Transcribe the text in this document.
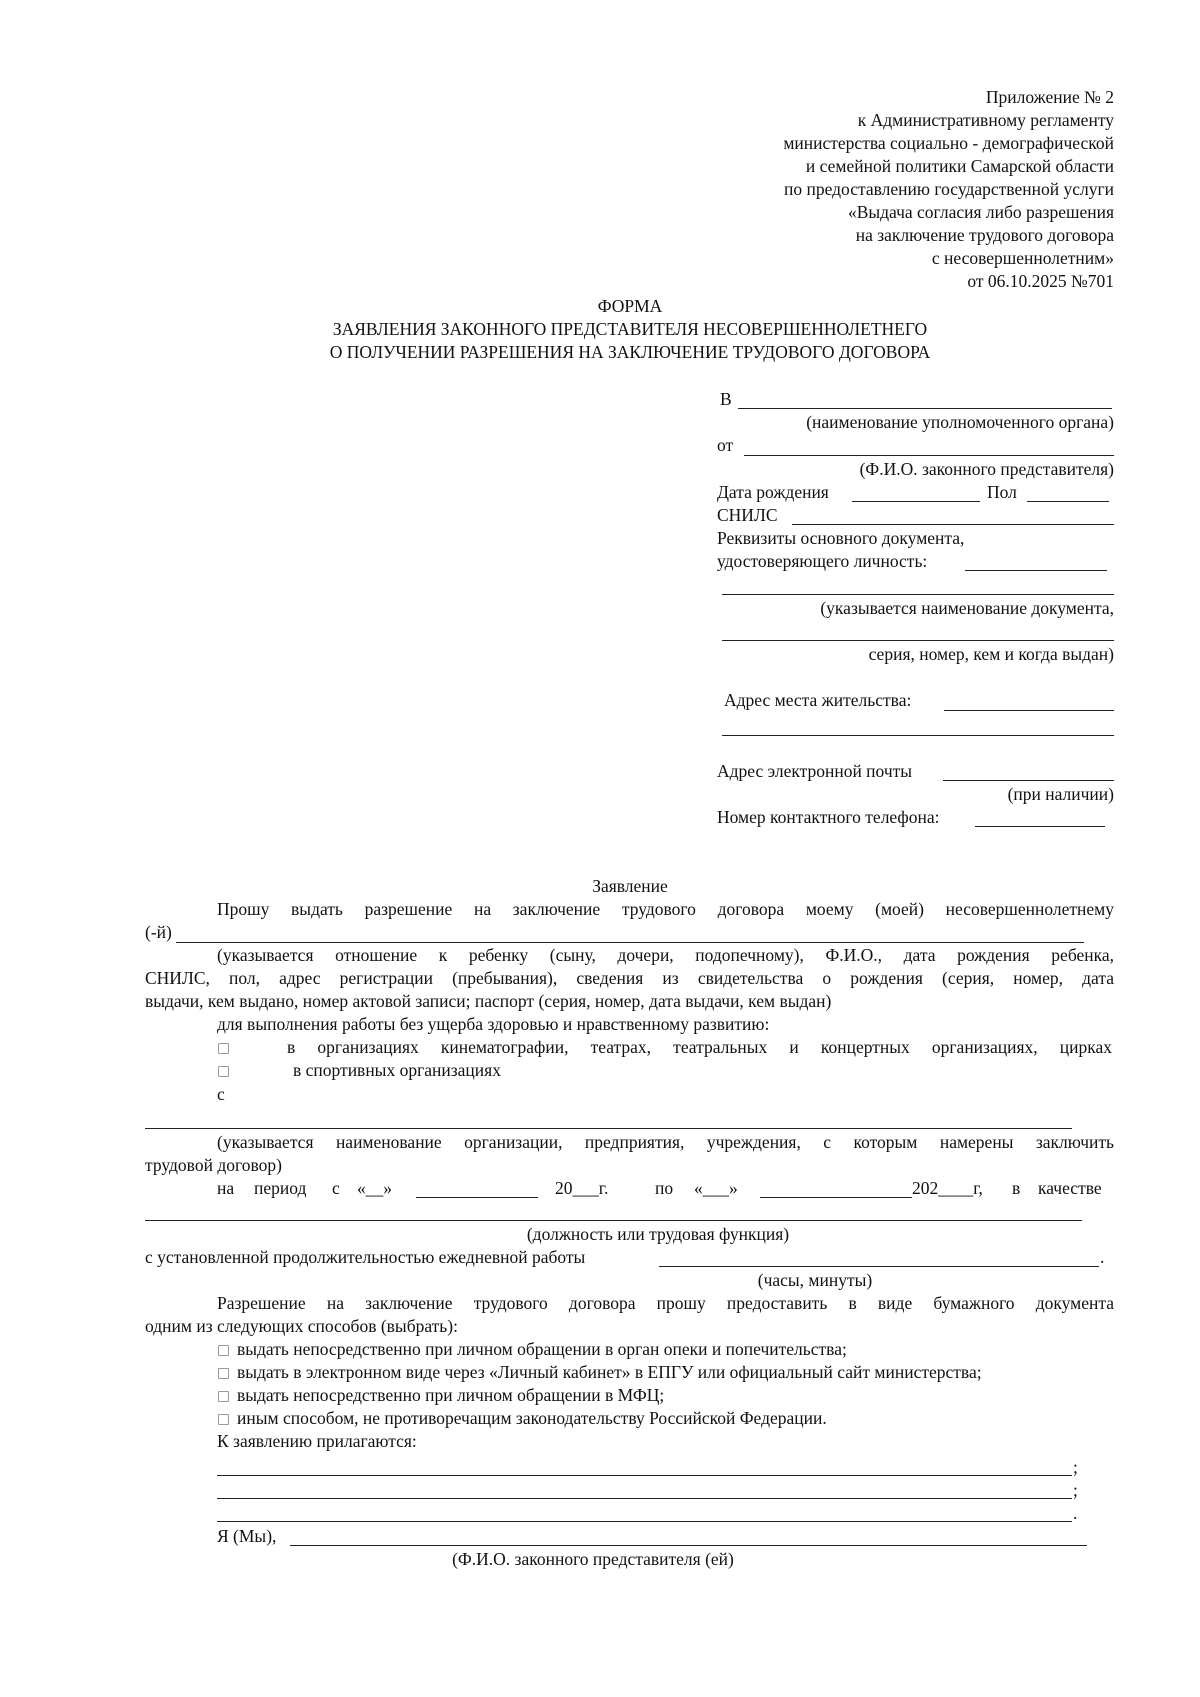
Приложение № 2
к Административному регламенту
министерства социально - демографической
и семейной политики Самарской области
по предоставлению государственной услуги
«Выдача согласия либо разрешения
на заключение трудового договора
с несовершеннолетним»
от 06.10.2025 №701
ФОРМА
ЗАЯВЛЕНИЯ ЗАКОННОГО ПРЕДСТАВИТЕЛЯ НЕСОВЕРШЕННОЛЕТНЕГО
О ПОЛУЧЕНИИ РАЗРЕШЕНИЯ НА ЗАКЛЮЧЕНИЕ ТРУДОВОГО ДОГОВОРА
В
(наименование уполномоченного органа)
от
(Ф.И.О. законного представителя)
Дата рождения	Пол
СНИЛС
Реквизиты основного документа,
удостоверяющего личность:
(указывается наименование документа,
серия, номер, кем и когда выдан)
Адрес места жительства:
Адрес электронной почты
(при наличии)
Номер контактного телефона:
Заявление
Прошу выдать разрешение на заключение трудового договора моему (моей) несовершеннолетнему
(-й)
(указывается отношение к ребенку (сыну, дочери, подопечному), Ф.И.О., дата рождения ребенка,
СНИЛС, пол, адрес регистрации (пребывания), сведения из свидетельства о рождения (серия, номер, дата
выдачи, кем выдано, номер актовой записи; паспорт (серия, номер, дата выдачи, кем выдан)
для выполнения работы без ущерба здоровью и нравственному развитию:
в организациях кинематографии, театрах, театральных и концертных организациях, цирках
в спортивных организациях
с
(указывается наименование организации, предприятия, учреждения, с которым намерены заключить
трудовой договор)
на период с «__»	20___г.	по «___»	202____г, в качестве
(должность или трудовая функция)
с установленной продолжительностью ежедневной работы	.
(часы, минуты)
Разрешение на заключение трудового договора прошу предоставить в виде бумажного документа
одним из следующих способов (выбрать):
выдать непосредственно при личном обращении в орган опеки и попечительства;
выдать в электронном виде через «Личный кабинет» в ЕПГУ или официальный сайт министерства;
выдать непосредственно при личном обращении в МФЦ;
иным способом, не противоречащим законодательству Российской Федерации.
К заявлению прилагаются:
;
;
.
Я (Мы),
(Ф.И.О. законного представителя (ей)
